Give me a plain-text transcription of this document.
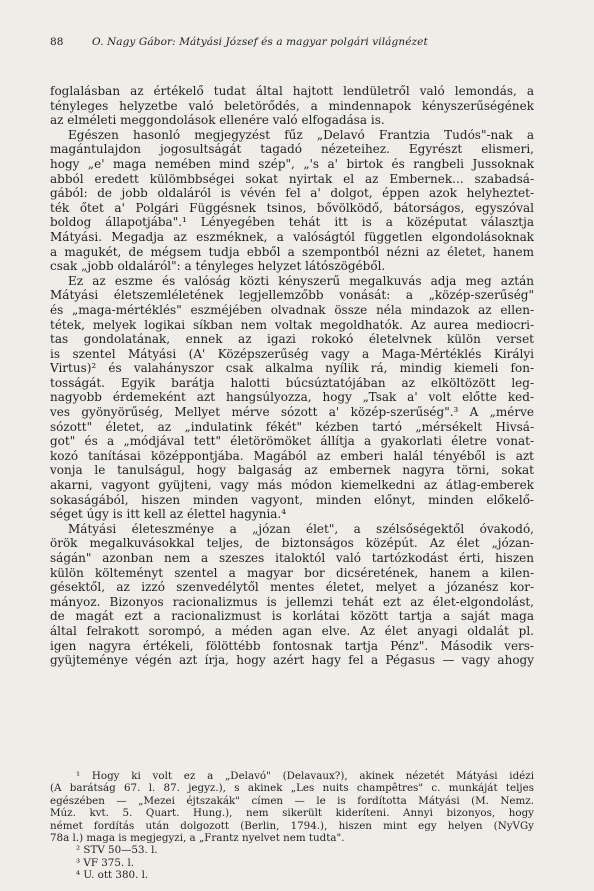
88	O. Nagy Gábor: Mátyási József és a magyar polgári világnézet
foglalásban az értékelő tudat által hajtott lendületről való lemondás, a
tényleges helyzetbe való beletörődés, a mindennapok kényszerűségének
az elméleti meggondolások ellenére való elfogadása is.
Egészen hasonló megjegyzést fűz „Delavó Frantzia Tudós"-nak a
magántulajdon jogosultságát tagadó nézeteihez. Egyrészt elismeri,
hogy „e' maga nemében mind szép", „'s a' birtok és rangbeli Jussoknak
abból eredett külömbbségei sokat nyirtak el az Embernek... szabadsá-
gából: de jobb oldaláról is vévén fel a' dolgot, éppen azok helyheztet-
ték őtet a' Polgári Függésnek tsinos, bővölködő, bátorságos, egyszóval
boldog állapotjába".¹ Lényegében tehát itt is a középutat választja
Mátyási. Megadja az eszméknek, a valóságtól független elgondolásoknak
a magukét, de mégsem tudja ebből a szempontból nézni az életet, hanem
csak „jobb oldaláról": a tényleges helyzet látószögéből.
Ez az eszme és valóság közti kényszerű megalkuvás adja meg aztán
Mátyási életszemléletének legjellemzőbb vonását: a „közép-szerűség"
és „maga-mértéklés" eszméjében olvadnak össze néla mindazok az ellen-
tétek, melyek logikai síkban nem voltak megoldhatók. Az aurea mediocri-
tas gondolatának, ennek az igazi rokokó életelvnek külön verset
is szentel Mátyási (A' Középszerűség vagy a Maga-Mértéklés Királyi
Virtus)² és valahányszor csak alkalma nyílik rá, mindig kiemeli fon-
tosságát. Egyik barátja halotti búcsúztatójában az elköltözött leg-
nagyobb érdemeként azt hangsúlyozza, hogy „Tsak a' volt előtte ked-
ves gyönyörűség, Mellyet mérve sózott a' közép-szerűség".³ A „mérve
sózott" életet, az „indulatink fékét" kézben tartó „mérsékelt Hivsá-
got" és a „módjával tett" életörömöket állítja a gyakorlati életre vonat-
kozó tanításai középpontjába. Magából az emberi halál tényéből is azt
vonja le tanulságul, hogy balgaság az embernek nagyra törni, sokat
akarni, vagyont gyüjteni, vagy más módon kiemelkedni az átlag-emberek
sokaságából, hiszen minden vagyont, minden előnyt, minden előkelő-
séget úgy is itt kell az élettel hagynia.⁴
Mátyási életeszménye a „józan élet", a szélsőségektől óvakodó,
örök megalkuvásokkal teljes, de biztonságos középút. Az élet „józan-
ságán" azonban nem a szeszes italoktól való tartózkodást érti, hiszen
külön költeményt szentel a magyar bor dicséretének, hanem a kilen-
gésektől, az izzó szenvedélytől mentes életet, melyet a józanész kor-
mányoz. Bizonyos racionalizmus is jellemzi tehát ezt az élet-elgondolást,
de magát ezt a racionalizmust is korlátai között tartja a saját maga
által felrakott sorompó, a méden agan elve. Az élet anyagi oldalát pl.
igen nagyra értékeli, fölöttébb fontosnak tartja Pénz". Második vers-
gyüjteménye végén azt írja, hogy azért hagy fel a Pégasus — vagy ahogy
¹ Hogy ki volt ez a „Delavó" (Delavaux?), akinek nézetét Mátyási idézi
(A barátság 67. l. 87. jegyz.), s akinek „Les nuits champêtres" c. munkáját teljes
egészében — „Mezei éjtszakák" címen — le is fordította Mátyási (M. Nemz.
Múz. kvt. 5. Quart. Hung.), nem sikerült kideríteni. Annyi bizonyos, hogy
német fordítás után dolgozott (Berlin, 1794.), hiszen mint egy helyen (NyVGy
78a l.) maga is megjegyzi, a „Frantz nyelvet nem tudta".
² STV 50—53. l.
³ VF 375. l.
⁴ U. ott 380. l.
